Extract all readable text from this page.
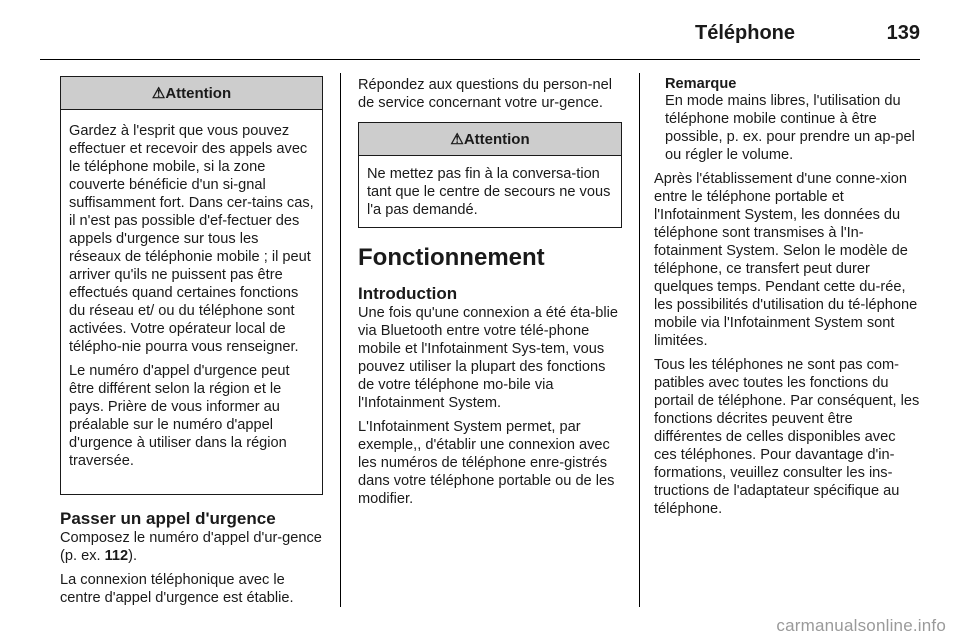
Téléphone	139
⚠Attention

Gardez à l'esprit que vous pouvez effectuer et recevoir des appels avec le téléphone mobile, si la zone couverte bénéficie d'un si-gnal suffisamment fort. Dans cer-tains cas, il n'est pas possible d'ef-fectuer des appels d'urgence sur tous les réseaux de téléphonie mobile ; il peut arriver qu'ils ne puissent pas être effectués quand certaines fonctions du réseau et/ ou du téléphone sont activées. Votre opérateur local de télépho-nie pourra vous renseigner.

Le numéro d'appel d'urgence peut être différent selon la région et le pays. Prière de vous informer au préalable sur le numéro d'appel d'urgence à utiliser dans la région traversée.

Passer un appel d'urgence

Composez le numéro d'appel d'ur-gence (p. ex. 112).

La connexion téléphonique avec le centre d'appel d'urgence est établie.

Répondez aux questions du person-nel de service concernant votre ur-gence.

⚠Attention

Ne mettez pas fin à la conversa-tion tant que le centre de secours ne vous l'a pas demandé.

Fonctionnement
Introduction

Une fois qu'une connexion a été éta-blie via Bluetooth entre votre télé-phone mobile et l'Infotainment Sys-tem, vous pouvez utiliser la plupart des fonctions de votre téléphone mo-bile via l'Infotainment System.

L'Infotainment System permet, par exemple,, d'établir une connexion avec les numéros de téléphone enre-gistrés dans votre téléphone portable ou de les modifier.

Remarque
En mode mains libres, l'utilisation du téléphone mobile continue à être possible, p. ex. pour prendre un ap-pel ou régler le volume.

Après l'établissement d'une conne-xion entre le téléphone portable et l'Infotainment System, les données du téléphone sont transmises à l'In-fotainment System. Selon le modèle de téléphone, ce transfert peut durer quelques temps. Pendant cette du-rée, les possibilités d'utilisation du té-léphone mobile via l'Infotainment System sont limitées.

Tous les téléphones ne sont pas com-patibles avec toutes les fonctions du portail de téléphone. Par conséquent, les fonctions décrites peuvent être différentes de celles disponibles avec ces téléphones. Pour davantage d'in-formations, veuillez consulter les ins-tructions de l'adaptateur spécifique au téléphone.

carmanualsonline.info
